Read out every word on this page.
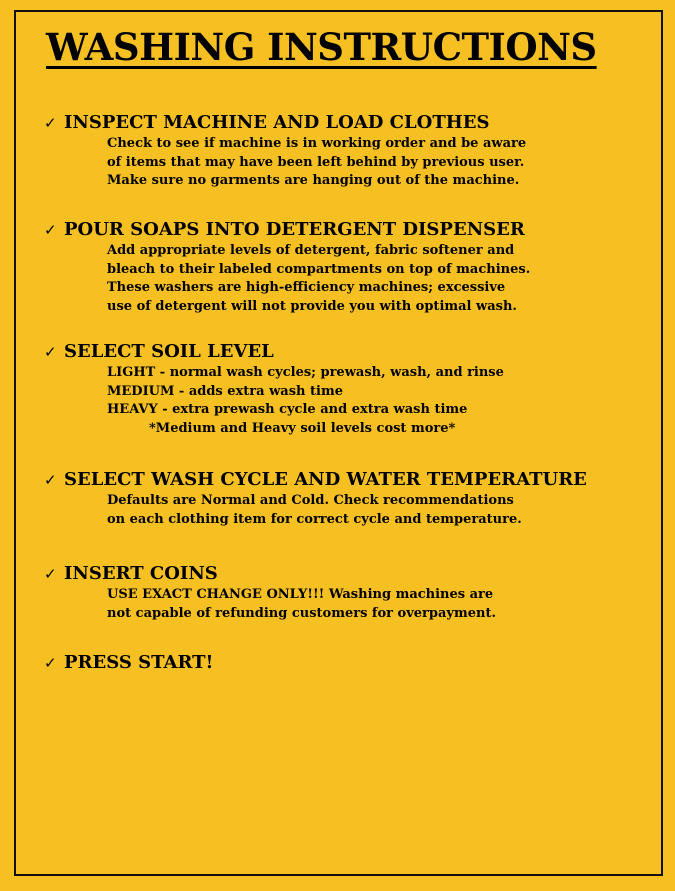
WASHING INSTRUCTIONS
✓ INSPECT MACHINE AND LOAD CLOTHES
Check to see if machine is in working order and be aware
of items that may have been left behind by previous user.
Make sure no garments are hanging out of the machine.
✓ POUR SOAPS INTO DETERGENT DISPENSER
Add appropriate levels of detergent, fabric softener and
bleach to their labeled compartments on top of machines.
These washers are high-efficiency machines; excessive
use of detergent will not provide you with optimal wash.
✓ SELECT SOIL LEVEL
LIGHT - normal wash cycles; prewash, wash, and rinse
MEDIUM - adds extra wash time
HEAVY - extra prewash cycle and extra wash time
*Medium and Heavy soil levels cost more*
✓ SELECT WASH CYCLE AND WATER TEMPERATURE
Defaults are Normal and Cold. Check recommendations
on each clothing item for correct cycle and temperature.
✓ INSERT COINS
USE EXACT CHANGE ONLY!!! Washing machines are
not capable of refunding customers for overpayment.
✓ PRESS START!
